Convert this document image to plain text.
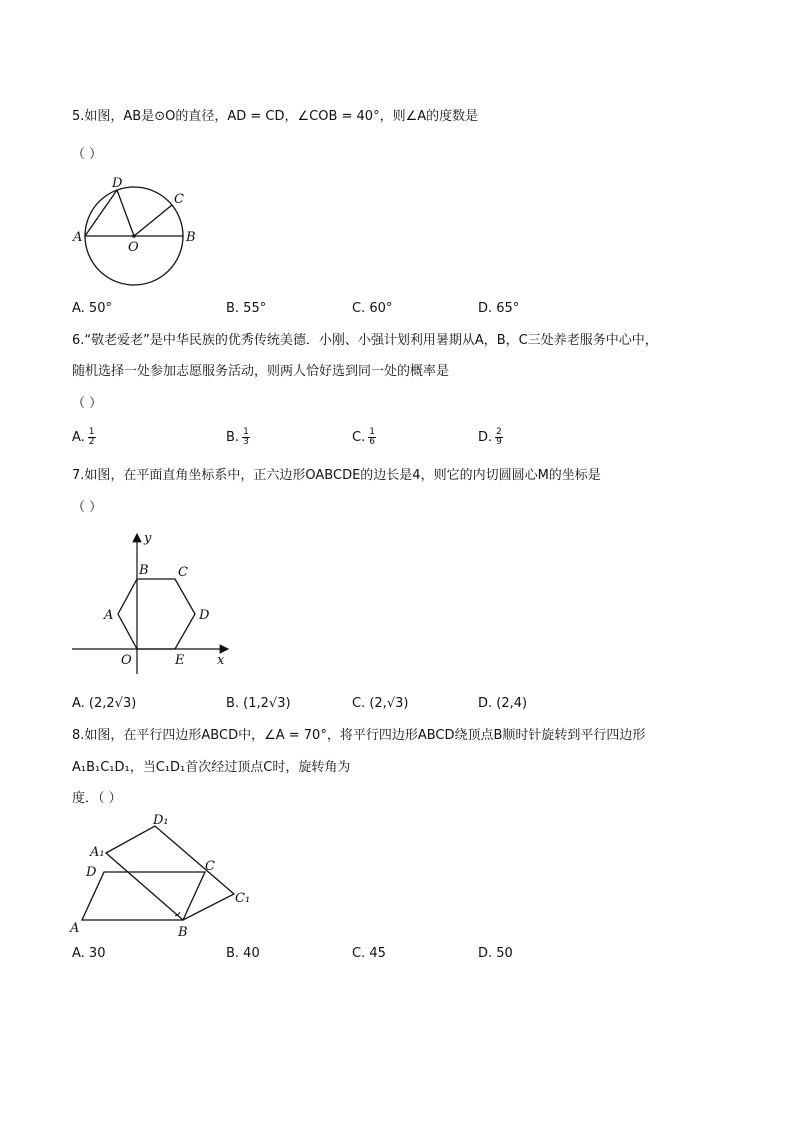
5.如图，AB是⊙O的直径，AD = CD，∠COB = 40°，则∠A的度数是
（ ）
D
C
A
O
B
A. 50°	B. 55°	C. 60°	D. 65°
6.“敬老爱老”是中华民族的优秀传统美德．小刚、小强计划利用暑期从A，B，C三处养老服务中心中，
随机选择一处参加志愿服务活动，则两人恰好选到同一处的概率是
（ ）
A. $\frac{1}{2}$	B. $\frac{1}{3}$	C. $\frac{1}{6}$	D. $\frac{2}{9}$
7.如图，在平面直角坐标系中，正六边形OABCDE的边长是4，则它的内切圆圆心M的坐标是
（ ）
y
x
B C
A	D
O	E
A. (2,2√3)	B. (1,2√3)	C. (2,√3)	D. (2,4)
8.如图，在平行四边形ABCD中，∠A = 70°，将平行四边形ABCD绕顶点B顺时针旋转到平行四边形
A₁B₁C₁D₁，当C₁D₁首次经过顶点C时，旋转角为
度．（ ）
D₁
A₁
D	C
C₁
A	B
A. 30	B. 40	C. 45	D. 50
